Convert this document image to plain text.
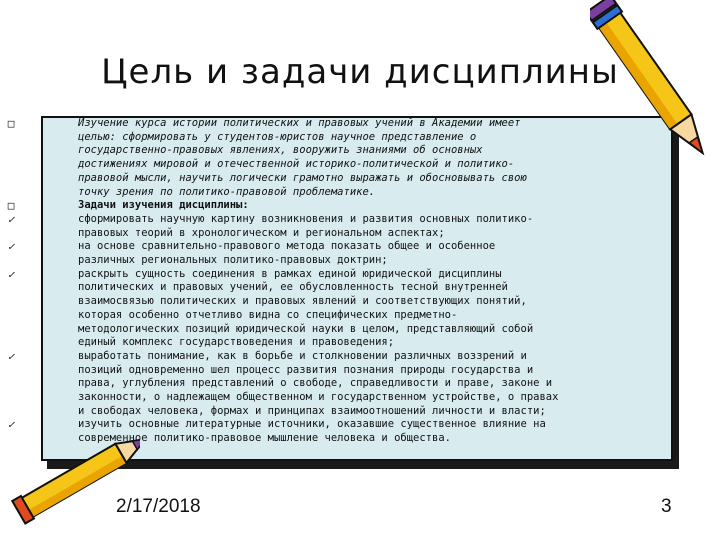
Цель и задачи дисциплины
□
Изучение курса истории политических и правовых учений в Академии имеет
целью: сформировать у студентов-юристов научное представление о
государственно-правовых явлениях, вооружить знаниями об основных
достижениях мировой и отечественной историко-политической и политико-
правовой мысли, научить логически грамотно выражать и обосновывать свою
точку зрения по политико-правовой проблематике.
□
Задачи изучения дисциплины:
✓
сформировать научную картину возникновения и развития основных политико-
правовых теорий в хронологическом и региональном аспектах;
✓
на основе сравнительно-правового метода показать общее и особенное
различных региональных политико-правовых доктрин;
✓
раскрыть сущность соединения в рамках единой юридической дисциплины
политических и правовых учений, ее обусловленность тесной внутренней
взаимосвязью политических и правовых явлений и соответствующих понятий,
которая особенно отчетливо видна со специфических предметно-
методологических позиций юридической науки в целом, представляющий собой
единый комплекс государствоведения и правоведения;
✓
выработать понимание, как в борьбе и столкновении различных воззрений и
позиций одновременно шел процесс развития познания природы государства и
права, углубления представлений о свободе, справедливости и праве, законе и
законности, о надлежащем общественном и государственном устройстве, о правах
и свободах человека, формах и принципах взаимоотношений личности и власти;
✓
изучить основные литературные источники, оказавшие существенное влияние на
современное политико-правовое мышление человека и общества.
2/17/2018	3
